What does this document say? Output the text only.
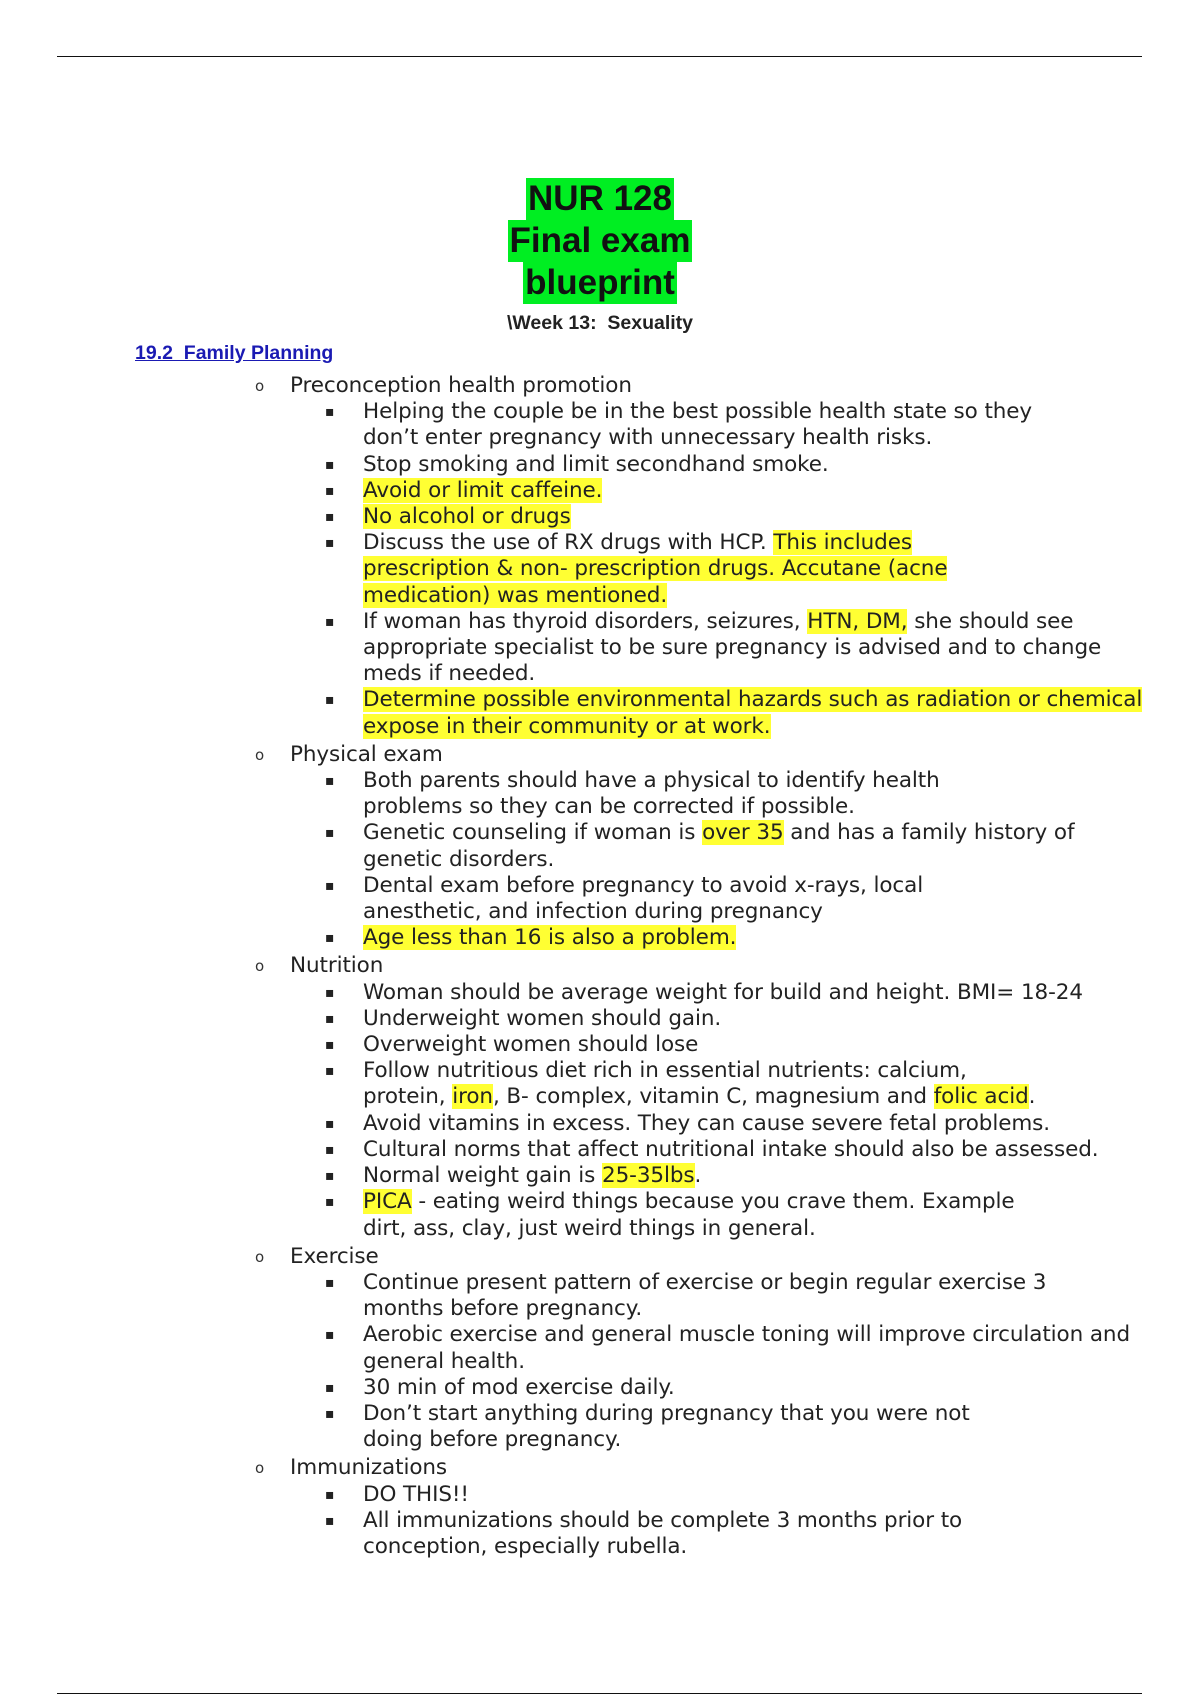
NUR 128
Final exam
blueprint
\Week 13:  Sexuality
19.2  Family Planning
o Preconception health promotion
▪ Helping the couple be in the best possible health state so they don’t enter pregnancy with unnecessary health risks.
▪ Stop smoking and limit secondhand smoke.
▪ Avoid or limit caffeine.
▪ No alcohol or drugs
▪ Discuss the use of RX drugs with HCP. This includes prescription & non- prescription drugs. Accutane (acne medication) was mentioned.
▪ If woman has thyroid disorders, seizures, HTN, DM, she should see appropriate specialist to be sure pregnancy is advised and to change meds if needed.
▪ Determine possible environmental hazards such as radiation or chemical expose in their community or at work.
o Physical exam
▪ Both parents should have a physical to identify health problems so they can be corrected if possible.
▪ Genetic counseling if woman is over 35 and has a family history of genetic disorders.
▪ Dental exam before pregnancy to avoid x-rays, local anesthetic, and infection during pregnancy
▪ Age less than 16 is also a problem.
o Nutrition
▪ Woman should be average weight for build and height. BMI= 18-24
▪ Underweight women should gain.
▪ Overweight women should lose
▪ Follow nutritious diet rich in essential nutrients: calcium, protein, iron, B- complex, vitamin C, magnesium and folic acid.
▪ Avoid vitamins in excess. They can cause severe fetal problems.
▪ Cultural norms that affect nutritional intake should also be assessed.
▪ Normal weight gain is 25-35lbs.
▪ PICA - eating weird things because you crave them. Example dirt, ass, clay, just weird things in general.
o Exercise
▪ Continue present pattern of exercise or begin regular exercise 3 months before pregnancy.
▪ Aerobic exercise and general muscle toning will improve circulation and general health.
▪ 30 min of mod exercise daily.
▪ Don’t start anything during pregnancy that you were not doing before pregnancy.
o Immunizations
▪ DO THIS!!
▪ All immunizations should be complete 3 months prior to conception, especially rubella.
